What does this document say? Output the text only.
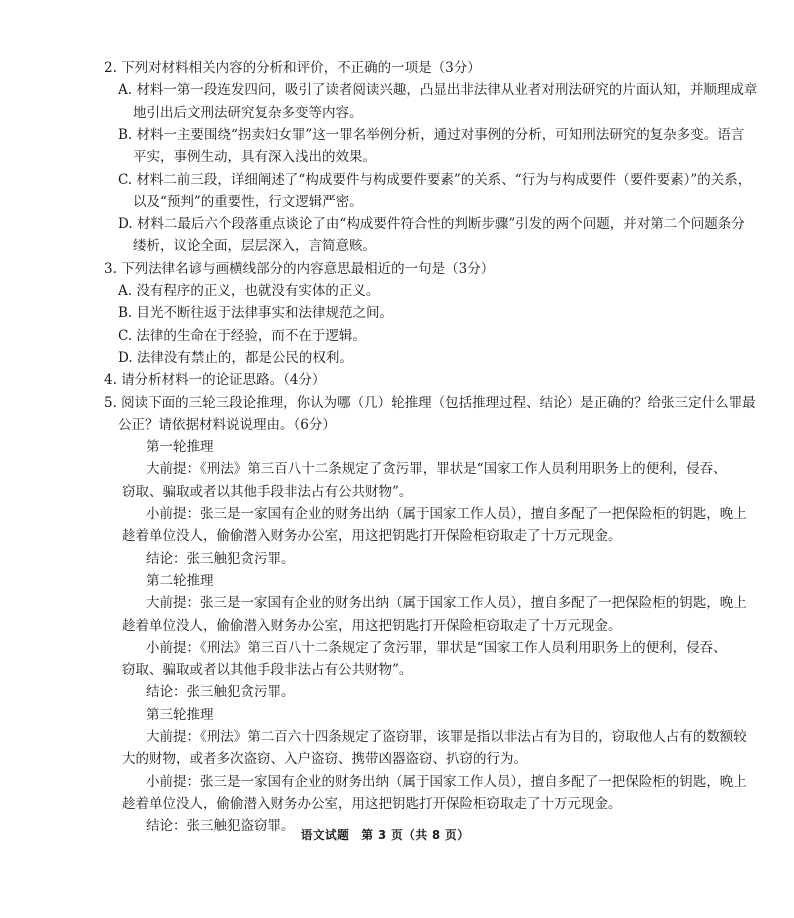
2. 下列对材料相关内容的分析和评价，不正确的一项是（3分）
A. 材料一第一段连发四问，吸引了读者阅读兴趣，凸显出非法律从业者对刑法研究的片面认知，并顺理成章
地引出后文刑法研究复杂多变等内容。
B. 材料一主要围绕“拐卖妇女罪”这一罪名举例分析，通过对事例的分析，可知刑法研究的复杂多变。语言
平实，事例生动，具有深入浅出的效果。
C. 材料二前三段，详细阐述了“构成要件与构成要件要素”的关系、“行为与构成要件（要件要素）”的关系，
以及“预判”的重要性，行文逻辑严密。
D. 材料二最后六个段落重点谈论了由“构成要件符合性的判断步骤”引发的两个问题，并对第二个问题条分
缕析，议论全面，层层深入，言简意赅。
3. 下列法律名谚与画横线部分的内容意思最相近的一句是（3分）
A. 没有程序的正义，也就没有实体的正义。
B. 目光不断往返于法律事实和法律规范之间。
C. 法律的生命在于经验，而不在于逻辑。
D. 法律没有禁止的，都是公民的权利。
4. 请分析材料一的论证思路。（4分）
5. 阅读下面的三轮三段论推理，你认为哪（几）轮推理（包括推理过程、结论）是正确的？给张三定什么罪最
公正？请依据材料说说理由。（6分）
第一轮推理
大前提：《刑法》第三百八十二条规定了贪污罪，罪状是“国家工作人员利用职务上的便利，侵吞、
窃取、骗取或者以其他手段非法占有公共财物”。
小前提：张三是一家国有企业的财务出纳（属于国家工作人员），擅自多配了一把保险柜的钥匙，晚上
趁着单位没人，偷偷潜入财务办公室，用这把钥匙打开保险柜窃取走了十万元现金。
结论：张三触犯贪污罪。
第二轮推理
大前提：张三是一家国有企业的财务出纳（属于国家工作人员），擅自多配了一把保险柜的钥匙，晚上
趁着单位没人，偷偷潜入财务办公室，用这把钥匙打开保险柜窃取走了十万元现金。
小前提：《刑法》第三百八十二条规定了贪污罪，罪状是“国家工作人员利用职务上的便利，侵吞、
窃取、骗取或者以其他手段非法占有公共财物”。
结论：张三触犯贪污罪。
第三轮推理
大前提：《刑法》第二百六十四条规定了盗窃罪，该罪是指以非法占有为目的，窃取他人占有的数额较
大的财物，或者多次盗窃、入户盗窃、携带凶器盗窃、扒窃的行为。
小前提：张三是一家国有企业的财务出纳（属于国家工作人员），擅自多配了一把保险柜的钥匙，晚上
趁着单位没人，偷偷潜入财务办公室，用这把钥匙打开保险柜窃取走了十万元现金。
结论：张三触犯盗窃罪。
语文试题　第 3 页（共 8 页）
